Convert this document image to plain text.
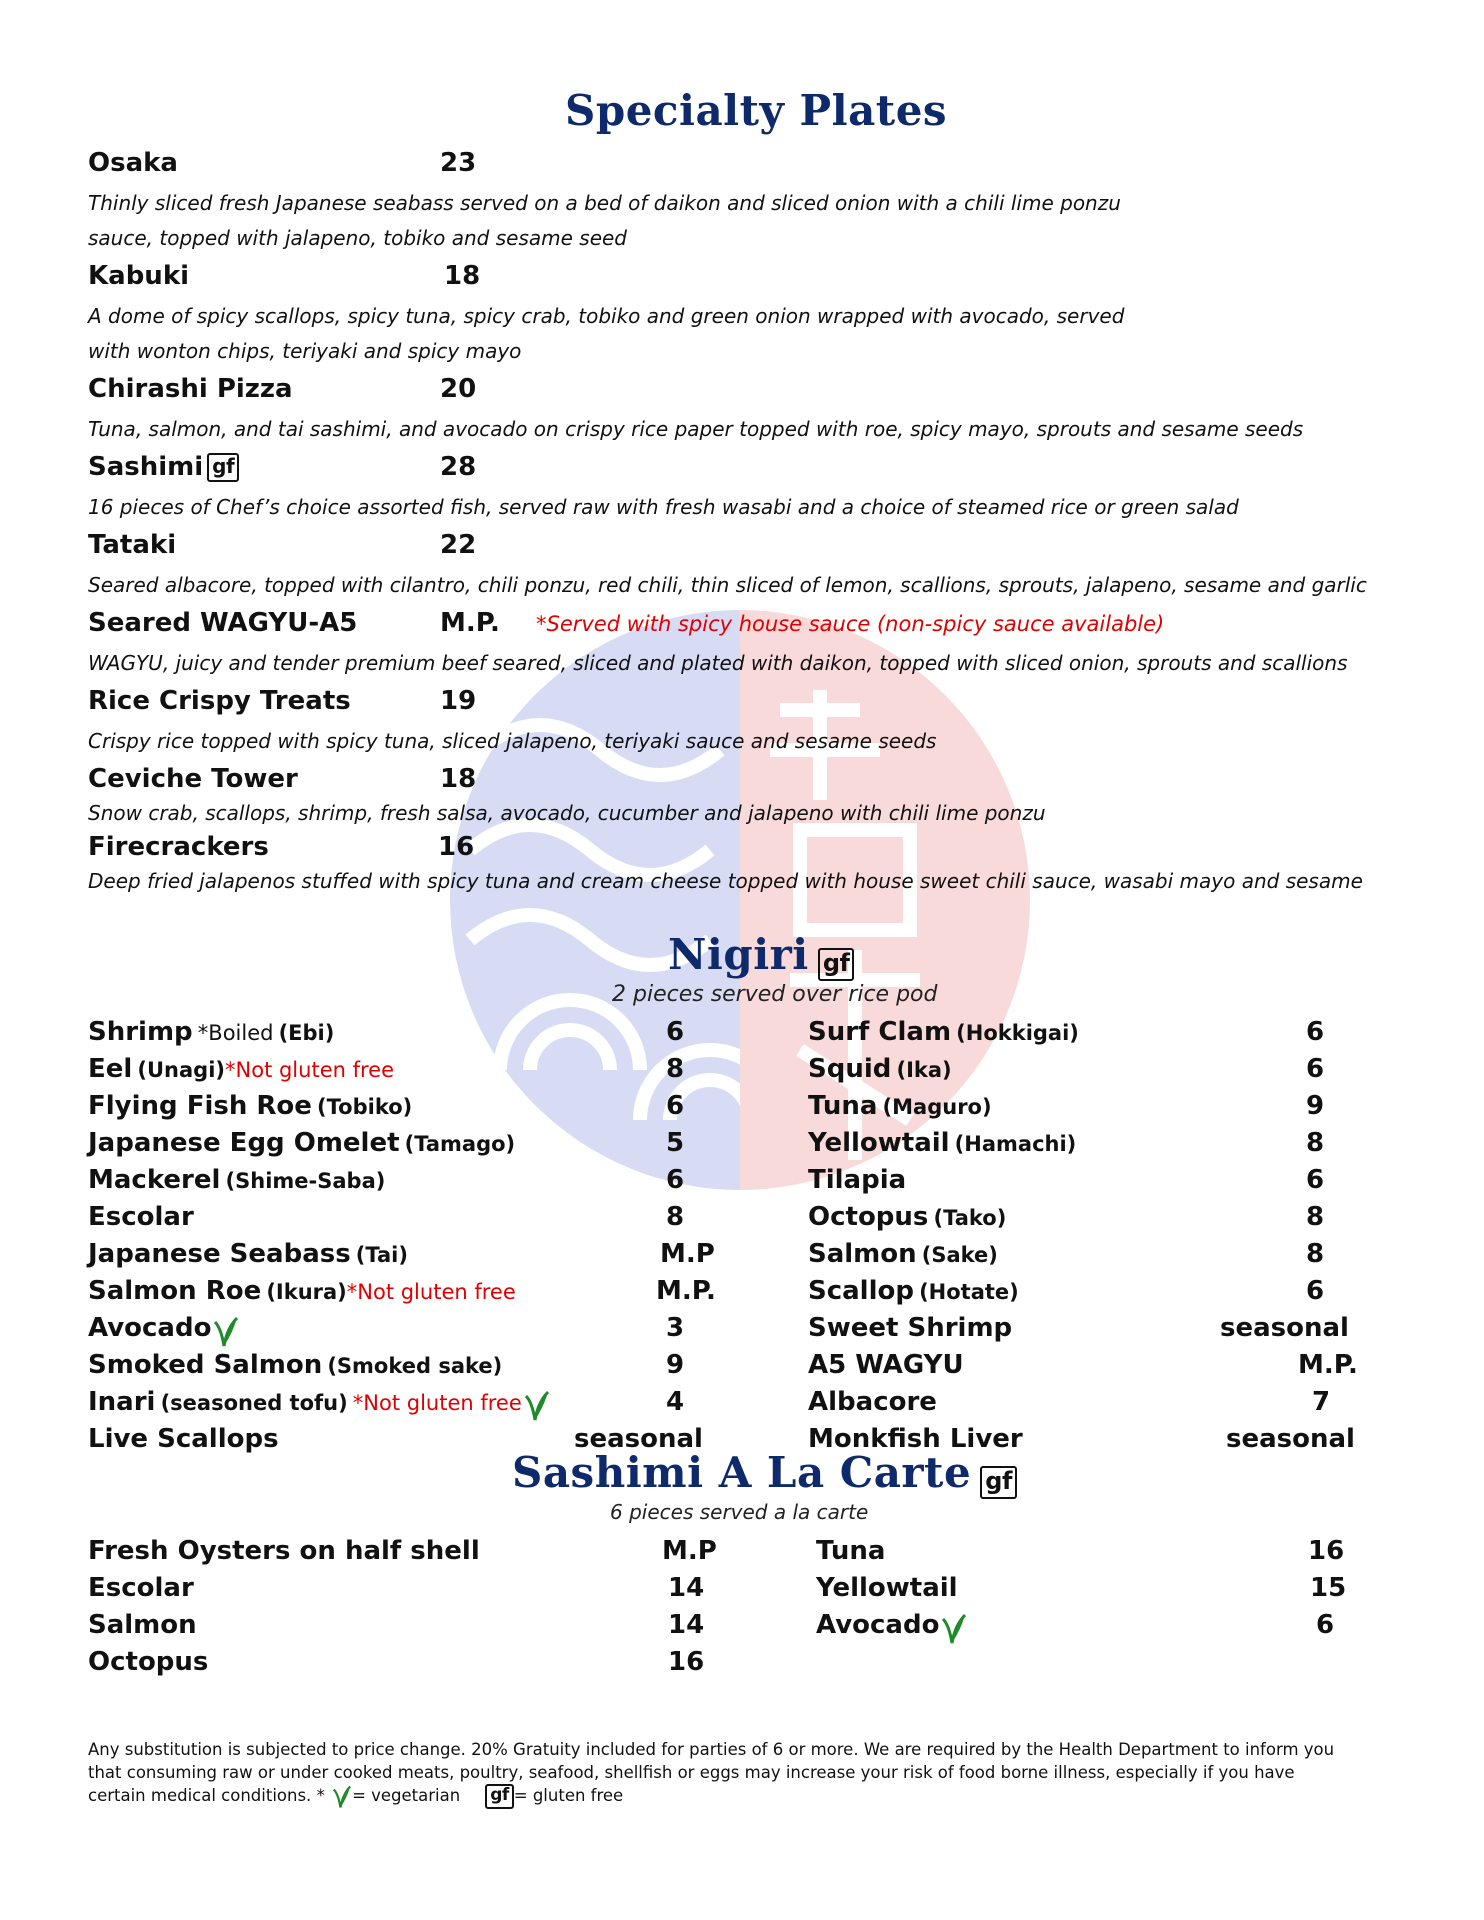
Specialty Plates
Osaka	23

Thinly sliced fresh Japanese seabass served on a bed of daikon and sliced onion with a chili lime ponzu sauce, topped with jalapeno, tobiko and sesame seed

Kabuki	18

A dome of spicy scallops, spicy tuna, spicy crab, tobiko and green onion wrapped with avocado, served with wonton chips, teriyaki and spicy mayo

Chirashi Pizza	20

Tuna, salmon, and tai sashimi, and avocado on crispy rice paper topped with roe, spicy mayo, sprouts and sesame seeds

Sashimi gf	28

16 pieces of Chef’s choice assorted fish, served raw with fresh wasabi and a choice of steamed rice or green salad

Tataki	22

Seared albacore, topped with cilantro, chili ponzu, red chili, thin sliced of lemon, scallions, sprouts, jalapeno, sesame and garlic

Seared WAGYU-A5	M.P. *Served with spicy house sauce (non-spicy sauce available)

WAGYU, juicy and tender premium beef seared, sliced and plated with daikon, topped with sliced onion, sprouts and scallions

Rice Crispy Treats	19

Crispy rice topped with spicy tuna, sliced jalapeno, teriyaki sauce and sesame seeds

Ceviche Tower	18

Snow crab, scallops, shrimp, fresh salsa, avocado, cucumber and jalapeno with chili lime ponzu

Firecrackers	16

Deep fried jalapenos stuffed with spicy tuna and cream cheese topped with house sweet chili sauce, wasabi mayo and sesame

Nigiri gf

2 pieces served over rice pod

Shrimp *Boiled (Ebi)	6
Eel (Unagi)*Not gluten free	8
Flying Fish Roe (Tobiko)	6
Japanese Egg Omelet (Tamago)	5
Mackerel (Shime-Saba)	6
Escolar	8
Japanese Seabass (Tai)	M.P
Salmon Roe (Ikura)*Not gluten free	M.P.
Avocado	3
Smoked Salmon (Smoked sake)	9
Inari (seasoned tofu) *Not gluten free	4
Live Scallops	seasonal
Surf Clam (Hokkigai)	6
Squid (Ika)	6
Tuna (Maguro)	9
Yellowtail (Hamachi)	8
Tilapia	6
Octopus (Tako)	8
Salmon (Sake)	8
Scallop (Hotate)	6
Sweet Shrimp	seasonal
A5 WAGYU	M.P.
Albacore	7
Monkfish Liver	seasonal
Sashimi A La Carte gf

6 pieces served a la carte

Fresh Oysters on half shell	M.P
Escolar	14
Salmon	14
Octopus	16
Tuna	16
Yellowtail	15
Avocado	6

Any substitution is subjected to price change. 20% Gratuity included for parties of 6 or more. We are required by the Health Department to inform you that consuming raw or under cooked meats, poultry, seafood, shellfish or eggs may increase your risk of food borne illness, especially if you have certain medical conditions. * = vegetarian gf = gluten free
